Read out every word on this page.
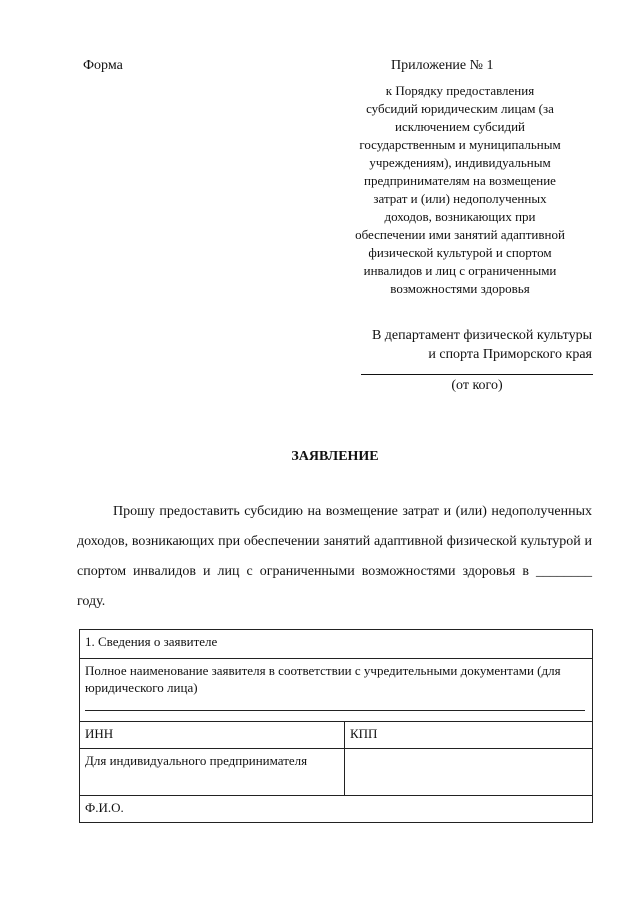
Форма	Приложение № 1
к Порядку предоставления
субсидий юридическим лицам (за
исключением субсидий
государственным и муниципальным
учреждениям), индивидуальным
предпринимателям на возмещение
затрат и (или) недополученных
доходов, возникающих при
обеспечении ими занятий адаптивной
физической культурой и спортом
инвалидов и лиц с ограниченными
возможностями здоровья
В департамент физической культуры
и спорта Приморского края
(от кого)
ЗАЯВЛЕНИЕ
Прошу предоставить субсидию на возмещение затрат и (или) недополученных доходов, возникающих при обеспечении занятий адаптивной физической культурой и спортом инвалидов и лиц с ограниченными возможностями здоровья в ________ году.
1. Сведения о заявителе	

Полное наименование заявителя в соответствии с учредительными документами (для юридического лица)	

ИНН	КПП
Для индивидуального предпринимателя	
Ф.И.О.	
